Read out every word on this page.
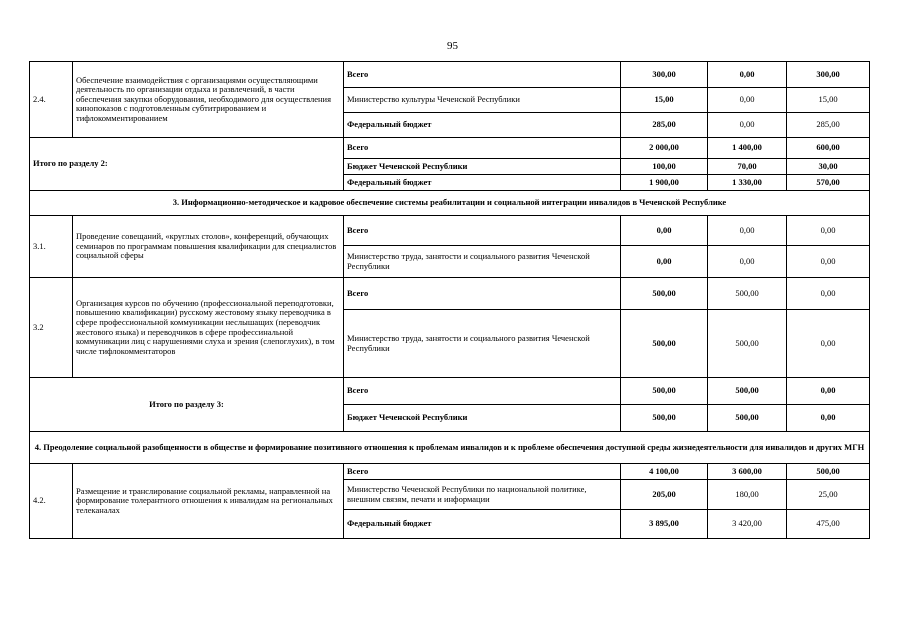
95
2.4.	Обеспечение взаимодействия с организациями осуществляющими деятельность по организации отдыха и развлечений, в части обеспечения закупки оборудования, необходимого для осуществления кинопоказов с подготовленным субтитрированием и тифлокомментированием	Всего	300,00	0,00	300,00
		Министерство культуры Чеченской Республики	15,00	0,00	15,00
		Федеральный бюджет	285,00	0,00	285,00
Итого по разделу 2:		Всего	2 000,00	1 400,00	600,00
		Бюджет Чеченской Республики	100,00	70,00	30,00
		Федеральный бюджет	1 900,00	1 330,00	570,00
3. Информационно-методическое и кадровое обеспечение системы реабилитации и социальной интеграции инвалидов в Чеченской Республике					
3.1.	Проведение совещаний, «круглых столов», конференций, обучающих семинаров по программам повышения квалификации для специалистов социальной сферы	Всего	0,00	0,00	0,00
		Министерство труда, занятости и социального развития Чеченской Республики	0,00	0,00	0,00
3.2	Организация курсов по обучению (профессиональной переподготовки, повышению квалификации) русскому жестовому языку переводчика в сфере профессиональной коммуникации неслышащих (переводчик жестового языка) и переводчиков в сфере профессинальной коммуникации лиц с нарушениями слуха и зрения (слепоглухих), в том числе тифлокомментаторов	Всего	500,00	500,00	0,00
		Министерство труда, занятости и социального развития Чеченской Республики	500,00	500,00	0,00
Итого по разделу 3:		Всего	500,00	500,00	0,00
		Бюджет Чеченской Республики	500,00	500,00	0,00
4. Преодоление социальной разобщенности в обществе и формирование позитивного отношения к проблемам инвалидов и к проблеме обеспечения доступной среды жизнедеятельности для инвалидов и других МГН					
4.2.	Размещение и транслирование социальной рекламы, направленной на формирование толерантного отношения к инвалидам на региональных телеканалах	Всего	4 100,00	3 600,00	500,00
		Министерство Чеченской Республики по национальной политике, внешним связям, печати и информации	205,00	180,00	25,00
		Федеральный бюджет	3 895,00	3 420,00	475,00
